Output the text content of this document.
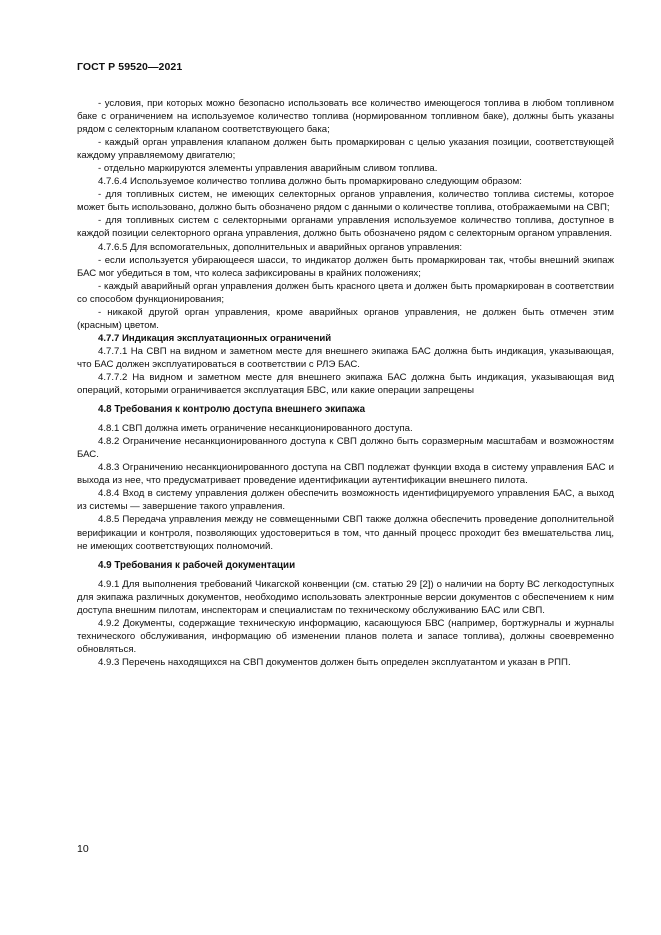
ГОСТ Р 59520—2021

- условия, при которых можно безопасно использовать все количество имеющегося топлива в любом топливном баке с ограничением на используемое количество топлива (нормированном топливном баке), должны быть указаны рядом с селекторным клапаном соответствующего бака;

- каждый орган управления клапаном должен быть промаркирован с целью указания позиции, соответствующей каждому управляемому двигателю;

- отдельно маркируются элементы управления аварийным сливом топлива.

4.7.6.4 Используемое количество топлива должно быть промаркировано следующим образом:

- для топливных систем, не имеющих селекторных органов управления, количество топлива системы, которое может быть использовано, должно быть обозначено рядом с данными о количестве топлива, отображаемыми на СВП;

- для топливных систем с селекторными органами управления используемое количество топлива, доступное в каждой позиции селекторного органа управления, должно быть обозначено рядом с селекторным органом управления.

4.7.6.5 Для вспомогательных, дополнительных и аварийных органов управления:

- если используется убирающееся шасси, то индикатор должен быть промаркирован так, чтобы внешний экипаж БАС мог убедиться в том, что колеса зафиксированы в крайних положениях;

- каждый аварийный орган управления должен быть красного цвета и должен быть промаркирован в соответствии со способом функционирования;

- никакой другой орган управления, кроме аварийных органов управления, не должен быть отмечен этим (красным) цветом.

4.7.7 Индикация эксплуатационных ограничений

4.7.7.1 На СВП на видном и заметном месте для внешнего экипажа БАС должна быть индикация, указывающая, что БАС должен эксплуатироваться в соответствии с РЛЭ БАС.

4.7.7.2 На видном и заметном месте для внешнего экипажа БАС должна быть индикация, указывающая вид операций, которыми ограничивается эксплуатация БВС, или какие операции запрещены

4.8 Требования к контролю доступа внешнего экипажа

4.8.1 СВП должна иметь ограничение несанкционированного доступа.

4.8.2 Ограничение несанкционированного доступа к СВП должно быть соразмерным масштабам и возможностям БАС.

4.8.3 Ограничению несанкционированного доступа на СВП подлежат функции входа в систему управления БАС и выхода из нее, что предусматривает проведение идентификации аутентификации внешнего пилота.

4.8.4 Вход в систему управления должен обеспечить возможность идентифицируемого управления БАС, а выход из системы — завершение такого управления.

4.8.5 Передача управления между не совмещенными СВП также должна обеспечить проведение дополнительной верификации и контроля, позволяющих удостовериться в том, что данный процесс проходит без вмешательства лиц, не имеющих соответствующих полномочий.

4.9 Требования к рабочей документации

4.9.1 Для выполнения требований Чикагской конвенции (см. статью 29 [2]) о наличии на борту ВС легкодоступных для экипажа различных документов, необходимо использовать электронные версии документов с обеспечением к ним доступа внешним пилотам, инспекторам и специалистам по техническому обслуживанию БАС или СВП.

4.9.2 Документы, содержащие техническую информацию, касающуюся БВС (например, бортжурналы и журналы технического обслуживания, информацию об изменении планов полета и запасе топлива), должны своевременно обновляться.

4.9.3 Перечень находящихся на СВП документов должен быть определен эксплуатантом и указан в РПП.

10
